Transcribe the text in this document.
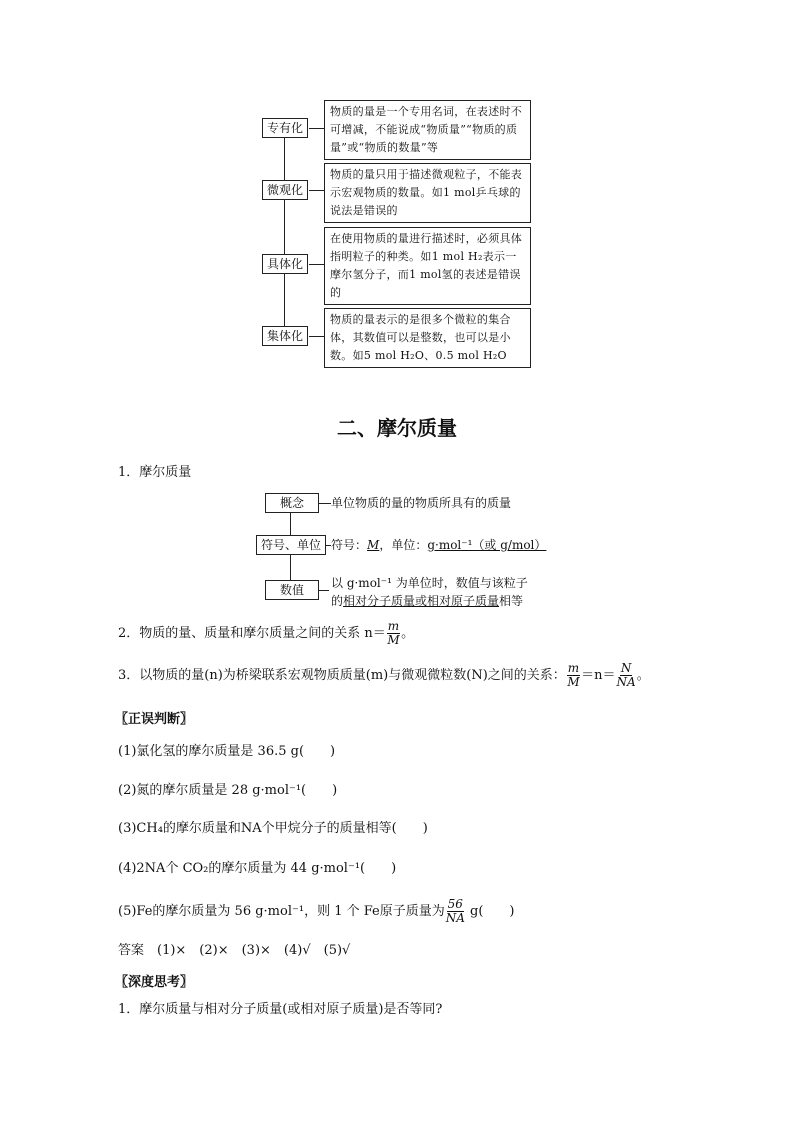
专有化
微观化
具体化
集体化
物质的量是一个专用名词，在表述时不可增减，不能说成“物质量”“物质的质量”或“物质的数量”等
物质的量只用于描述微观粒子，不能表示宏观物质的数量。如1 mol乒乓球的说法是错误的
在使用物质的量进行描述时，必须具体指明粒子的种类。如1 mol H₂表示一摩尔氢分子，而1 mol氢的表述是错误的
物质的量表示的是很多个微粒的集合体，其数值可以是整数，也可以是小数。如5 mol H₂O、0.5 mol H₂O
二、摩尔质量
1．摩尔质量
概念	单位物质的量的物质所具有的质量
符号、单位 符号：M，单位：g·mol⁻¹（或 g/mol）
数值	以 g·mol⁻¹ 为单位时，数值与该粒子
的相对分子质量或相对原子质量相等
2．物质的量、质量和摩尔质量之间的关系 $n= \frac{m}{M}$ 。
3．以物质的量(n)为桥梁联系宏观物质质量(m)与微观微粒数(N)之间的关系： $\frac{m}{M} =n= \frac{N}{NA}$ 。
〖正误判断〗
(1)氯化氢的摩尔质量是 36.5 g(　　)
(2)氮的摩尔质量是 28 g·mol⁻¹(　　)
(3)CH₄的摩尔质量和NA个甲烷分子的质量相等(　　)
(4)2NA个 CO₂的摩尔质量为 44 g·mol⁻¹(　　)
(5)Fe的摩尔质量为 56 g·mol⁻¹，则 1 个 Fe原子质量为 $\frac{56}{NA} g$(　　)
答案　(1)×　(2)×　(3)×　(4)√　(5)√
〖深度思考〗
1．摩尔质量与相对分子质量(或相对原子质量)是否等同?
